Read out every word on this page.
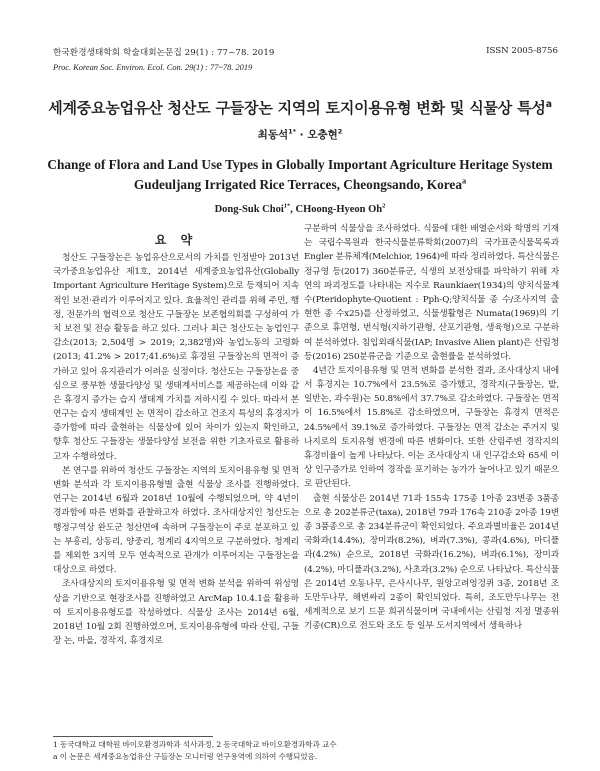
한국환경생태학회 학술대회논문집 29(1) : 77~78. 2019
Proc. Korean Soc. Environ. Ecol. Con. 29(1) : 77~78. 2019
ISSN 2005-8756
세계중요농업유산 청산도 구들장논 지역의 토지이용유형 변화 및 식물상 특성$^a$
최동석$^{1*}$ · 오충현$^2$
Change of Flora and Land Use Types in Globally Important Agriculture Heritage System
Gudeuljang Irrigated Rice Terraces, Cheongsando, Korea$^a$
Dong-Suk Choi$^{1*}$, CHoong-Hyeon Oh$^2$
요 약

청산도 구들장논은 농업유산으로서의 가치를 인정받아 2013년 국가중요농업유산 제1호, 2014년 세계중요농업유산(Globally Important Agriculture Heritage System)으로 등재되어 지속적인 보전·관리가 이루어지고 있다. 효율적인 관리를 위해 주민, 행정, 전문가의 협력으로 청산도 구들장논 보존협의회를 구성하여 가치 보전 및 전승 활동을 하고 있다. 그러나 최근 청산도는 농업인구감소(2013; 2,504명 > 2019; 2,382명)와 농업노동의 고령화(2013; 41.2% > 2017;41.6%)로 휴경된 구들장논의 면적이 증가하고 있어 유지관리가 어려운 실정이다. 청산도는 구들장논을 중심으로 풍부한 생물다양성 및 생태계서비스를 제공하는데 이와 같은 휴경지 증가는 습지 생태계 가치를 저하시킬 수 있다. 따라서 본 연구는 습지 생태계인 논 면적이 감소하고 건조지 특성의 휴경지가 증가함에 따라 출현하는 식물상에 있어 차이가 있는지 확인하고, 향후 청산도 구들장논 생물다양성 보전을 위한 기초자료로 활용하고자 수행하였다.

본 연구를 위하여 청산도 구들장논 지역의 토지이용유형 및 면적 변화 분석과 각 토지이용유형별 출현 식물상 조사를 진행하였다. 연구는 2014년 6월과 2018년 10월에 수행되었으며, 약 4년이 경과함에 따른 변화를 관찰하고자 하였다. 조사대상지인 청산도는 행정구역상 완도군 청산면에 속하며 구들장논이 주로 분포하고 있는 부흥리, 상동리, 양중리, 청계리 4지역으로 구분하였다. 청계리를 제외한 3지역 모두 연속적으로 관개가 이루어지는 구들장논을 대상으로 하였다.

조사대상지의 토지이용유형 및 면적 변화 분석을 위하여 위성영상을 기반으로 현장조사를 진행하였고 ArcMap 10.4.1을 활용하여 토지이용유형도를 작성하였다. 식물상 조사는 2014년 6월, 2018년 10월 2회 진행하였으며, 토지이용유형에 따라 산림, 구들장 논, 마을, 경작지, 휴경지로

구분하여 식물상을 조사하였다. 식물에 대한 배열순서와 학명의 기재는 국립수목원과 한국식물분류학회(2007)의 국가표준식물목록과 Engler 분류체계(Melchior, 1964)에 따라 정리하였다. 특산식물은 정규영 등(2017) 360분류군, 식생의 보전상태를 파악하기 위해 자연의 파괴정도를 나타내는 지수로 Raunkiaer(1934)의 양치식물계수(Pteridophyte-Quotient : Pph-Q;양치식물 종 수/조사지역 출현한 종 수x25)를 산정하였고, 식물생활형은 Numata(1969)의 기준으로 휴면형, 번식형(지하기관형, 산포기관형, 생육형)으로 구분하여 분석하였다. 침입외래식물(IAP; Invasive Alien plant)은 산림청 등(2016) 250분류군을 기준으로 출현률을 분석하였다.

4년간 토지이용유형 및 면적 변화를 분석한 결과, 조사대상지 내에서 휴경지는 10.7%에서 23.5%로 증가했고, 경작지(구들장논, 밭, 일반논, 과수원)는 50.8%에서 37.7%로 감소하였다. 구들장논 면적이 16.5%에서 15.8%로 감소하였으며, 구들장논 휴경지 면적은 24.5%에서 39.1%로 증가하였다. 구들장논 면적 감소는 주거지 및 나지로의 토지유형 변경에 따른 변화이다. 또한 산림주변 경작지의 휴경비율이 높게 나타났다. 이는 조사대상지 내 인구감소와 65세 이상 인구증가로 인하여 경작을 포기하는 농가가 늘어나고 있기 때문으로 판단된다.

출현 식물상은 2014년 71과 155속 175종 1아종 23변종 3품종으로 총 202분류군(taxa), 2018년 79과 176속 210종 2아종 19변종 3품종으로 총 234분류군이 확인되었다. 주요과별비율은 2014년 국화과(14.4%), 장미과(8.2%), 벼과(7.3%), 콩과(4.6%), 마디풀과(4.2%) 순으로, 2018년 국화과(16.2%), 벼과(6.1%), 장미과(4.2%), 마디풀과(3.2%), 사초과(3.2%) 순으로 나타났다. 특산식물은 2014년 오동나무, 은사시나무, 원앙고려엉겅퀴 3종, 2018년 조도만두나무, 해변싸리 2종이 확인되었다. 특히, 조도만두나무는 전 세계적으로 보기 드문 희귀식물이며 국내에서는 산림청 지정 멸종위기종(CR)으로 전도와 조도 등 일부 도서지역에서 생육하나

1 동국대학교 대학원 바이오환경과학과 석사과정, 2 동국대학교 바이오환경과학과 교수
a 이 논문은 세계중요농업유산 구들장논 모니터링 연구용역에 의하여 수행되었음.
